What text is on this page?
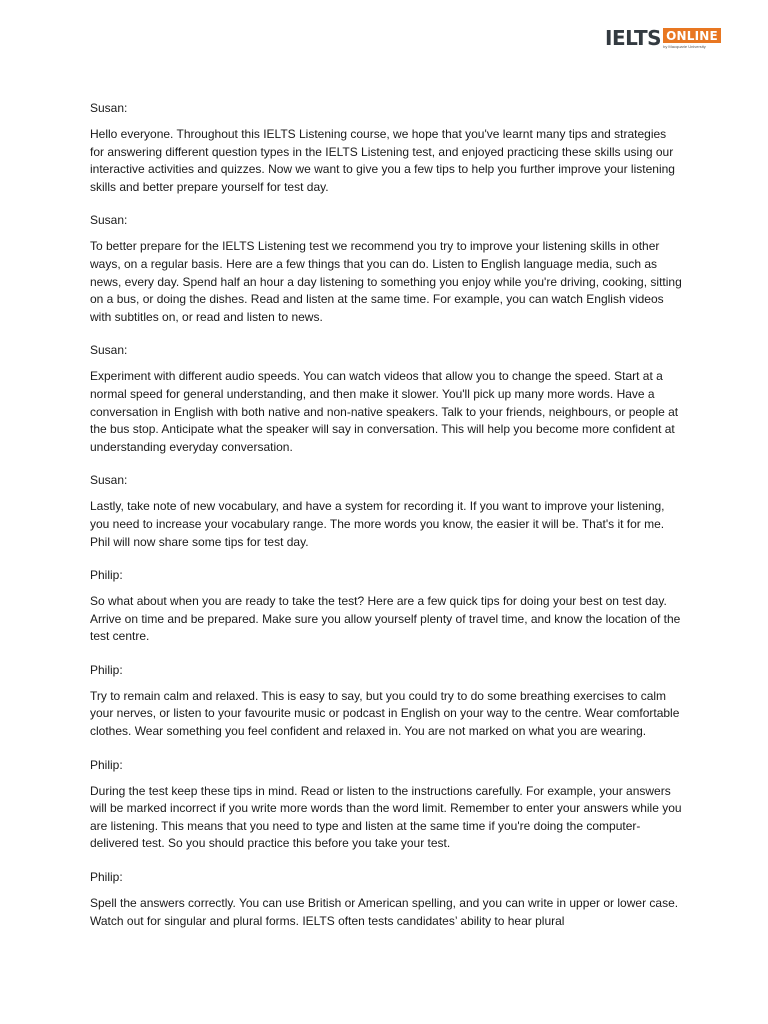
IELTS ONLINE
by Macquarie University

Susan:

Hello everyone. Throughout this IELTS Listening course, we hope that you've learnt many tips and strategies for answering different question types in the IELTS Listening test, and enjoyed practicing these skills using our interactive activities and quizzes. Now we want to give you a few tips to help you further improve your listening skills and better prepare yourself for test day.

Susan:

To better prepare for the IELTS Listening test we recommend you try to improve your listening skills in other ways, on a regular basis. Here are a few things that you can do. Listen to English language media, such as news, every day. Spend half an hour a day listening to something you enjoy while you're driving, cooking, sitting on a bus, or doing the dishes. Read and listen at the same time. For example, you can watch English videos with subtitles on, or read and listen to news.

Susan:

Experiment with different audio speeds. You can watch videos that allow you to change the speed. Start at a normal speed for general understanding, and then make it slower. You'll pick up many more words. Have a conversation in English with both native and non-native speakers. Talk to your friends, neighbours, or people at the bus stop. Anticipate what the speaker will say in conversation. This will help you become more confident at understanding everyday conversation.

Susan:

Lastly, take note of new vocabulary, and have a system for recording it. If you want to improve your listening, you need to increase your vocabulary range. The more words you know, the easier it will be. That's it for me. Phil will now share some tips for test day.

Philip:

So what about when you are ready to take the test? Here are a few quick tips for doing your best on test day. Arrive on time and be prepared. Make sure you allow yourself plenty of travel time, and know the location of the test centre.

Philip:

Try to remain calm and relaxed. This is easy to say, but you could try to do some breathing exercises to calm your nerves, or listen to your favourite music or podcast in English on your way to the centre. Wear comfortable clothes. Wear something you feel confident and relaxed in. You are not marked on what you are wearing.

Philip:

During the test keep these tips in mind. Read or listen to the instructions carefully. For example, your answers will be marked incorrect if you write more words than the word limit. Remember to enter your answers while you are listening. This means that you need to type and listen at the same time if you're doing the computer-delivered test. So you should practice this before you take your test.

Philip:

Spell the answers correctly. You can use British or American spelling, and you can write in upper or lower case. Watch out for singular and plural forms. IELTS often tests candidates’ ability to hear plural
